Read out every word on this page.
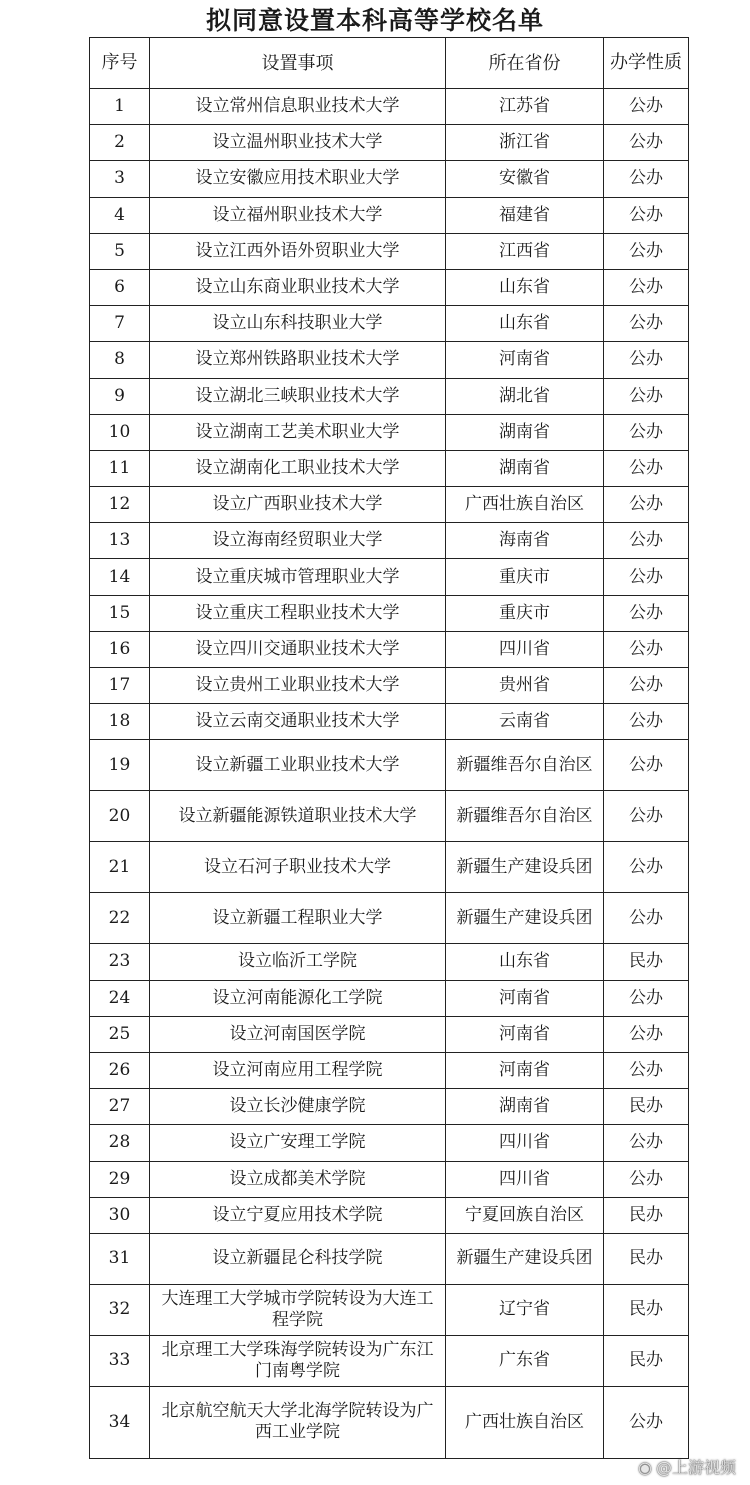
拟同意设置本科高等学校名单
序号	设置事项	所在省份	办学性质
1	设立常州信息职业技术大学	江苏省	公办
2	设立温州职业技术大学	浙江省	公办
3	设立安徽应用技术职业大学	安徽省	公办
4	设立福州职业技术大学	福建省	公办
5	设立江西外语外贸职业大学	江西省	公办
6	设立山东商业职业技术大学	山东省	公办
7	设立山东科技职业大学	山东省	公办
8	设立郑州铁路职业技术大学	河南省	公办
9	设立湖北三峡职业技术大学	湖北省	公办
10	设立湖南工艺美术职业大学	湖南省	公办
11	设立湖南化工职业技术大学	湖南省	公办
12	设立广西职业技术大学	广西壮族自治区	公办
13	设立海南经贸职业大学	海南省	公办
14	设立重庆城市管理职业大学	重庆市	公办
15	设立重庆工程职业技术大学	重庆市	公办
16	设立四川交通职业技术大学	四川省	公办
17	设立贵州工业职业技术大学	贵州省	公办
18	设立云南交通职业技术大学	云南省	公办
19	设立新疆工业职业技术大学	新疆维吾尔自治区	公办
20	设立新疆能源铁道职业技术大学	新疆维吾尔自治区	公办
21	设立石河子职业技术大学	新疆生产建设兵团	公办
22	设立新疆工程职业大学	新疆生产建设兵团	公办
23	设立临沂工学院	山东省	民办
24	设立河南能源化工学院	河南省	公办
25	设立河南国医学院	河南省	公办
26	设立河南应用工程学院	河南省	公办
27	设立长沙健康学院	湖南省	民办
28	设立广安理工学院	四川省	公办
29	设立成都美术学院	四川省	公办
30	设立宁夏应用技术学院	宁夏回族自治区	民办
31	设立新疆昆仑科技学院	新疆生产建设兵团	民办
32	大连理工大学城市学院转设为大连工程学院	辽宁省	民办
33	北京理工大学珠海学院转设为广东江门南粤学院	广东省	民办
34	北京航空航天大学北海学院转设为广西工业学院	广西壮族自治区	公办
◉ @上游视频
